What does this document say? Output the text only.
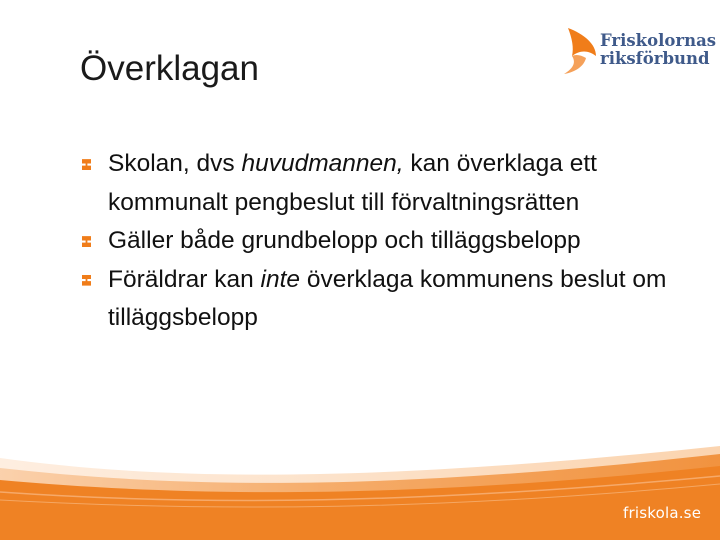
Överklagan
Friskolornas
riksförbund
Skolan, dvs huvudmannen, kan överklaga ett kommunalt pengbeslut till förvaltningsrätten
Gäller både grundbelopp och tilläggsbelopp
Föräldrar kan inte överklaga kommunens beslut om tilläggsbelopp
friskola.se
